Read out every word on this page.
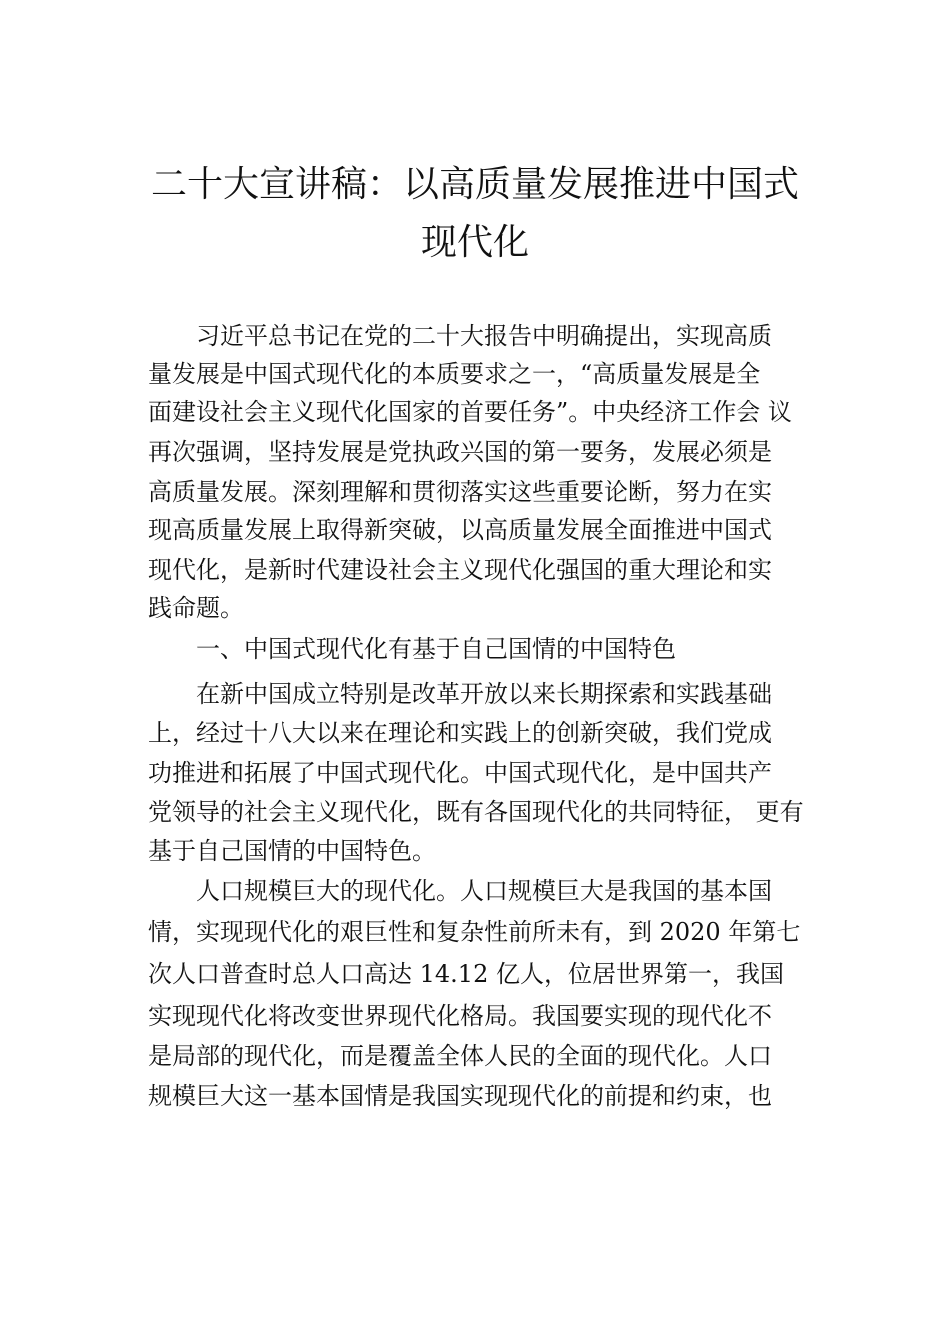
二十大宣讲稿：以高质量发展推进中国式
现代化
习近平总书记在党的二十大报告中明确提出，实现高质
量发展是中国式现代化的本质要求之一，“高质量发展是全
面建设社会主义现代化国家的首要任务”。中央经济工作会 议
再次强调，坚持发展是党执政兴国的第一要务，发展必须是
高质量发展。深刻理解和贯彻落实这些重要论断，努力在实
现高质量发展上取得新突破，以高质量发展全面推进中国式
现代化，是新时代建设社会主义现代化强国的重大理论和实
践命题。
一、中国式现代化有基于自己国情的中国特色
在新中国成立特别是改革开放以来长期探索和实践基础
上，经过十八大以来在理论和实践上的创新突破，我们党成
功推进和拓展了中国式现代化。中国式现代化，是中国共产
党领导的社会主义现代化，既有各国现代化的共同特征， 更有
基于自己国情的中国特色。
人口规模巨大的现代化。人口规模巨大是我国的基本国
情，实现现代化的艰巨性和复杂性前所未有，到 2020 年第七
次人口普查时总人口高达 14.12 亿人，位居世界第一，我国
实现现代化将改变世界现代化格局。我国要实现的现代化不
是局部的现代化，而是覆盖全体人民的全面的现代化。人口
规模巨大这一基本国情是我国实现现代化的前提和约束，也
